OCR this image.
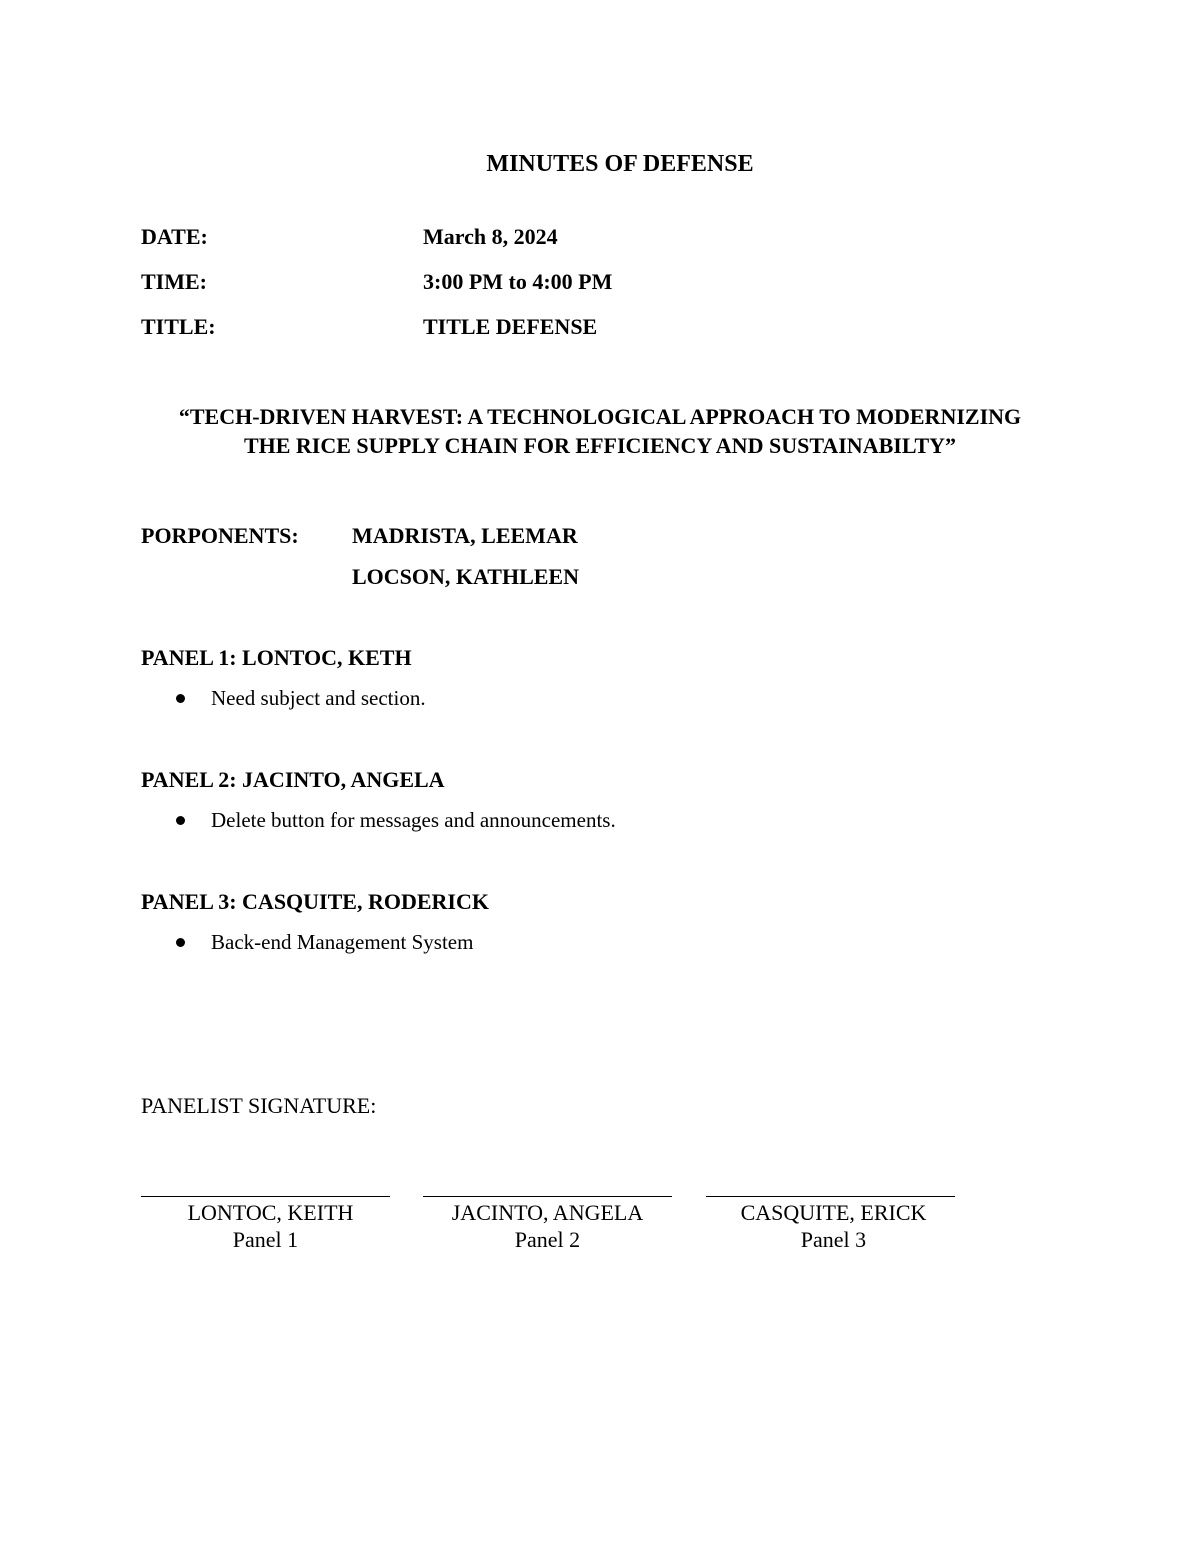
MINUTES OF DEFENSE
DATE:	March 8, 2024
TIME:	3:00 PM to 4:00 PM
TITLE:	TITLE DEFENSE
“TECH-DRIVEN HARVEST: A TECHNOLOGICAL APPROACH TO MODERNIZING
THE RICE SUPPLY CHAIN FOR EFFICIENCY AND SUSTAINABILTY”
PORPONENTS: MADRISTA, LEEMAR
LOCSON, KATHLEEN
PANEL 1: LONTOC, KETH
Need subject and section.
PANEL 2: JACINTO, ANGELA
Delete button for messages and announcements.
PANEL 3: CASQUITE, RODERICK
Back-end Management System
PANELIST SIGNATURE:
LONTOC, KEITH
Panel 1
JACINTO, ANGELA
Panel 2
CASQUITE, ERICK
Panel 3
